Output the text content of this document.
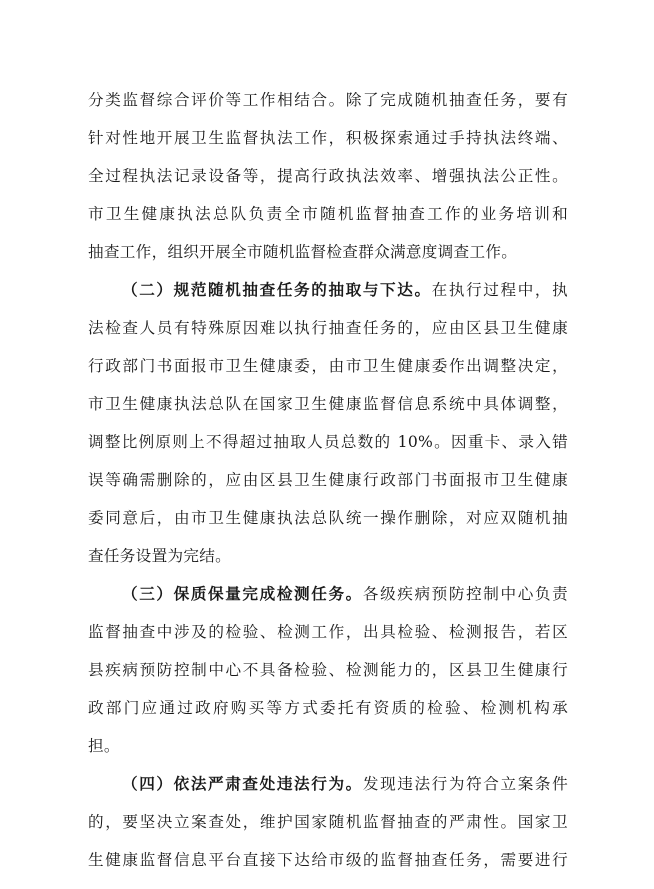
分类监督综合评价等工作相结合。除了完成随机抽查任务，要有
针对性地开展卫生监督执法工作，积极探索通过手持执法终端、
全过程执法记录设备等，提高行政执法效率、增强执法公正性。
市卫生健康执法总队负责全市随机监督抽查工作的业务培训和
抽查工作，组织开展全市随机监督检查群众满意度调查工作。
（二）规范随机抽查任务的抽取与下达。在执行过程中，执
法检查人员有特殊原因难以执行抽查任务的，应由区县卫生健康
行政部门书面报市卫生健康委，由市卫生健康委作出调整决定，
市卫生健康执法总队在国家卫生健康监督信息系统中具体调整，
调整比例原则上不得超过抽取人员总数的 10%。因重卡、录入错
误等确需删除的，应由区县卫生健康行政部门书面报市卫生健康
委同意后，由市卫生健康执法总队统一操作删除，对应双随机抽
查任务设置为完结。
（三）保质保量完成检测任务。各级疾病预防控制中心负责
监督抽查中涉及的检验、检测工作，出具检验、检测报告，若区
县疾病预防控制中心不具备检验、检测能力的，区县卫生健康行
政部门应通过政府购买等方式委托有资质的检验、检测机构承
担。
（四）依法严肃查处违法行为。发现违法行为符合立案条件
的，要坚决立案查处，维护国家随机监督抽查的严肃性。国家卫
生健康监督信息平台直接下达给市级的监督抽查任务，需要进行
